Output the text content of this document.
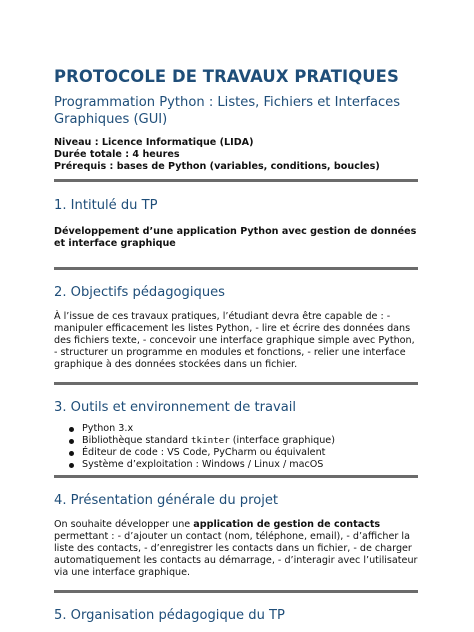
PROTOCOLE DE TRAVAUX PRATIQUES
Programmation Python : Listes, Fichiers et Interfaces Graphiques (GUI)
Niveau : Licence Informatique (LIDA)
Durée totale : 4 heures
Prérequis : bases de Python (variables, conditions, boucles)
1. Intitulé du TP
Développement d’une application Python avec gestion de données et interface graphique
2. Objectifs pédagogiques
À l’issue de ces travaux pratiques, l’étudiant devra être capable de : - manipuler efficacement les listes Python, - lire et écrire des données dans des fichiers texte, - concevoir une interface graphique simple avec Python, - structurer un programme en modules et fonctions, - relier une interface graphique à des données stockées dans un fichier.
3. Outils et environnement de travail
Python 3.x
Bibliothèque standard tkinter (interface graphique)
Éditeur de code : VS Code, PyCharm ou équivalent
Système d’exploitation : Windows / Linux / macOS
4. Présentation générale du projet
On souhaite développer une application de gestion de contacts permettant : - d’ajouter un contact (nom, téléphone, email), - d’afficher la liste des contacts, - d’enregistrer les contacts dans un fichier, - de charger automatiquement les contacts au démarrage, - d’interagir avec l’utilisateur via une interface graphique.
5. Organisation pédagogique du TP
